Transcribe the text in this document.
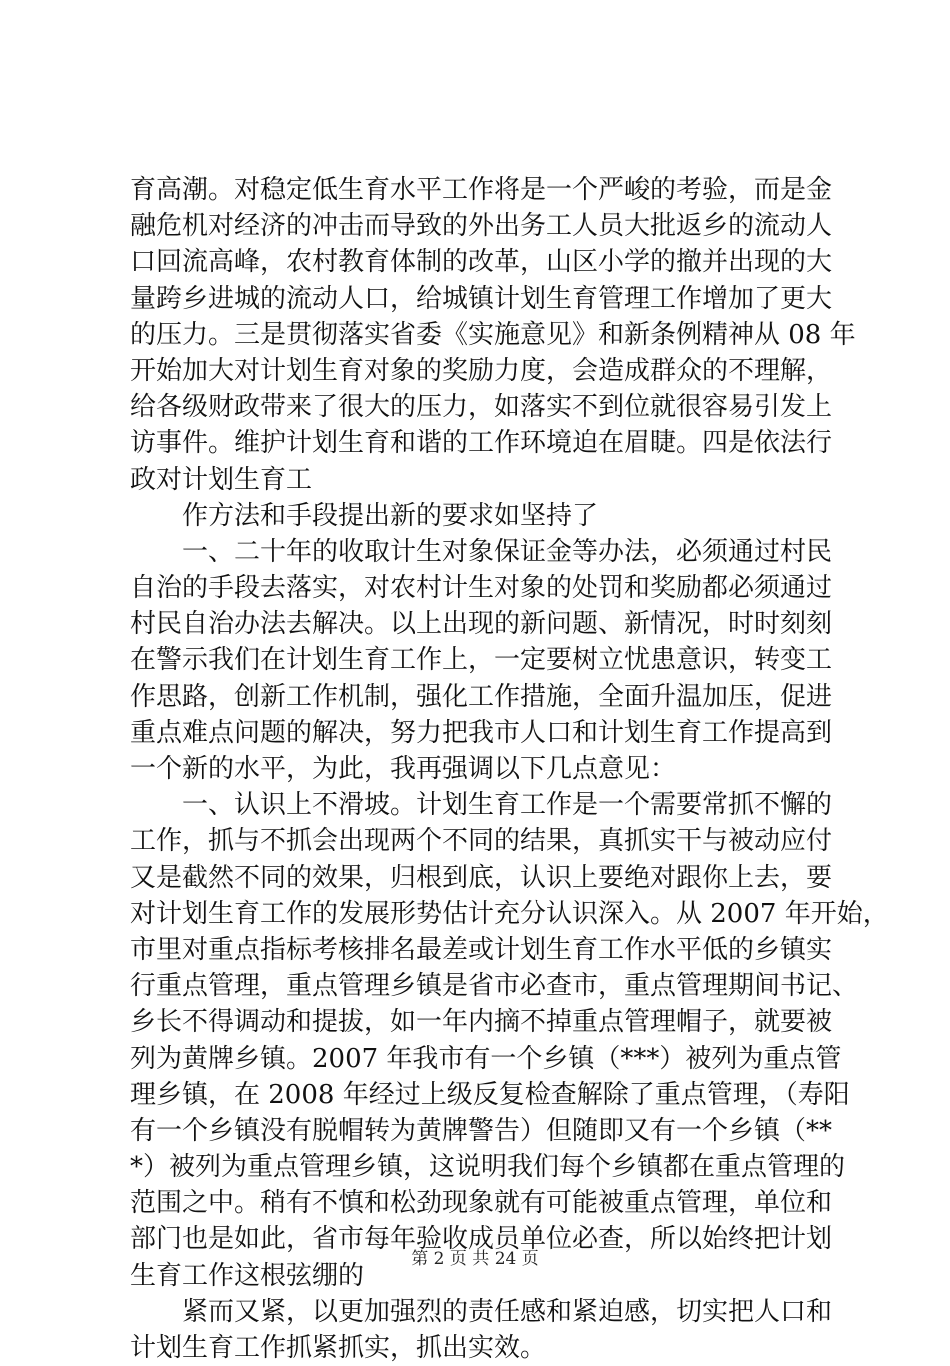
育高潮。对稳定低生育水平工作将是一个严峻的考验，而是金
融危机对经济的冲击而导致的外出务工人员大批返乡的流动人
口回流高峰，农村教育体制的改革，山区小学的撤并出现的大
量跨乡进城的流动人口，给城镇计划生育管理工作增加了更大
的压力。三是贯彻落实省委《实施意见》和新条例精神从 08 年
开始加大对计划生育对象的奖励力度，会造成群众的不理解，
给各级财政带来了很大的压力，如落实不到位就很容易引发上
访事件。维护计划生育和谐的工作环境迫在眉睫。四是依法行
政对计划生育工
作方法和手段提出新的要求如坚持了
一、二十年的收取计生对象保证金等办法，必须通过村民
自治的手段去落实，对农村计生对象的处罚和奖励都必须通过
村民自治办法去解决。以上出现的新问题、新情况，时时刻刻
在警示我们在计划生育工作上，一定要树立忧患意识，转变工
作思路，创新工作机制，强化工作措施，全面升温加压，促进
重点难点问题的解决，努力把我市人口和计划生育工作提高到
一个新的水平，为此，我再强调以下几点意见：
一、认识上不滑坡。计划生育工作是一个需要常抓不懈的
工作，抓与不抓会出现两个不同的结果，真抓实干与被动应付
又是截然不同的效果，归根到底，认识上要绝对跟你上去，要
对计划生育工作的发展形势估计充分认识深入。从 2007 年开始，
市里对重点指标考核排名最差或计划生育工作水平低的乡镇实
行重点管理，重点管理乡镇是省市必查市，重点管理期间书记、
乡长不得调动和提拔，如一年内摘不掉重点管理帽子，就要被
列为黄牌乡镇。2007 年我市有一个乡镇（***）被列为重点管
理乡镇，在 2008 年经过上级反复检查解除了重点管理，（寿阳
有一个乡镇没有脱帽转为黄牌警告）但随即又有一个乡镇（**
*）被列为重点管理乡镇，这说明我们每个乡镇都在重点管理的
范围之中。稍有不慎和松劲现象就有可能被重点管理，单位和
部门也是如此，省市每年验收成员单位必查，所以始终把计划
生育工作这根弦绷的
紧而又紧，以更加强烈的责任感和紧迫感，切实把人口和
计划生育工作抓紧抓实，抓出实效。
第 2 页 共 24 页
